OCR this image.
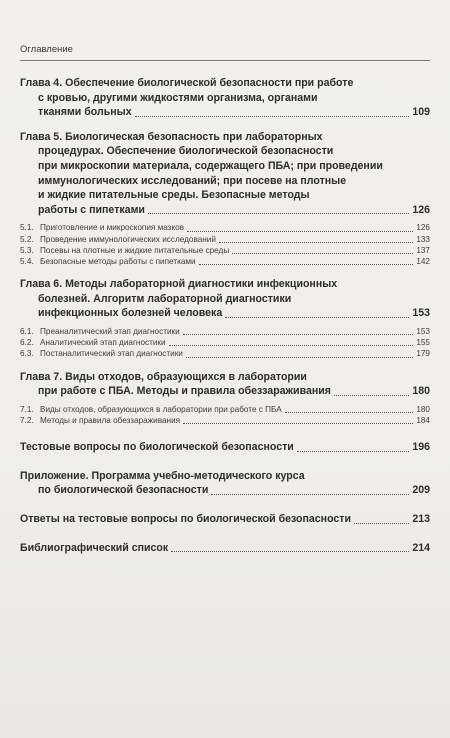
Оглавление
Глава 4. Обеспечение биологической безопасности при работе
с кровью, другими жидкостями организма, органами
тканями больных	109
Глава 5. Биологическая безопасность при лабораторных
процедурах. Обеспечение биологической безопасности
при микроскопии материала, содержащего ПБА; при проведении
иммунологических исследований; при посеве на плотные
и жидкие питательные среды. Безопасные методы
работы с пипетками	126
5.1. Приготовление и микроскопия мазков	126
5.2. Проведение иммунологических исследований	133
5.3. Посевы на плотные и жидкие питательные среды	137
5.4. Безопасные методы работы с пипетками	142
Глава 6. Методы лабораторной диагностики инфекционных
болезней. Алгоритм лабораторной диагностики
инфекционных болезней человека	153
6.1. Преаналитический этап диагностики	153
6.2. Аналитический этап диагностики	155
6.3. Постаналитический этап диагностики	179
Глава 7. Виды отходов, образующихся в лаборатории
при работе с ПБА. Методы и правила обеззараживания	180
7.1. Виды отходов, образующихся в лаборатории при работе с ПБА	180
7.2. Методы и правила обеззараживания	184
Тестовые вопросы по биологической безопасности	196
Приложение. Программа учебно-методического курса
по биологической безопасности	209
Ответы на тестовые вопросы по биологической безопасности	213
Библиографический список	214
